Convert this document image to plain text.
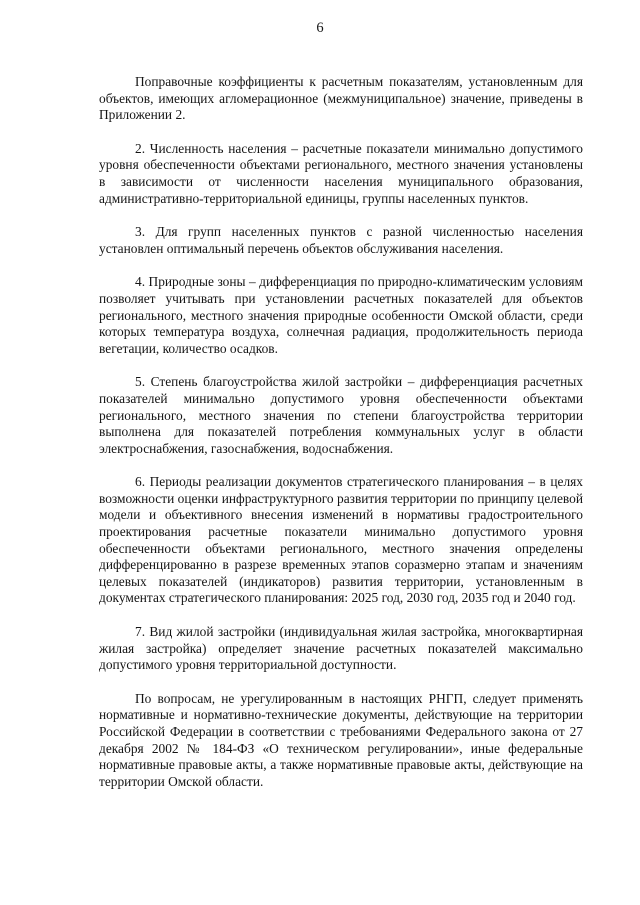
6

Поправочные коэффициенты к расчетным показателям, установленным для объектов, имеющих агломерационное (межмуниципальное) значение, приведены в Приложении 2.

2. Численность населения – расчетные показатели минимально допустимого уровня обеспеченности объектами регионального, местного значения установлены в зависимости от численности населения муниципального образования, административно-территориальной единицы, группы населенных пунктов.

3. Для групп населенных пунктов с разной численностью населения установлен оптимальный перечень объектов обслуживания населения.

4. Природные зоны – дифференциация по природно-климатическим условиям позволяет учитывать при установлении расчетных показателей для объектов регионального, местного значения природные особенности Омской области, среди которых температура воздуха, солнечная радиация, продолжительность периода вегетации, количество осадков.

5. Степень благоустройства жилой застройки – дифференциация расчетных показателей минимально допустимого уровня обеспеченности объектами регионального, местного значения по степени благоустройства территории выполнена для показателей потребления коммунальных услуг в области электроснабжения, газоснабжения, водоснабжения.

6. Периоды реализации документов стратегического планирования – в целях возможности оценки инфраструктурного развития территории по принципу целевой модели и объективного внесения изменений в нормативы градостроительного проектирования расчетные показатели минимально допустимого уровня обеспеченности объектами регионального, местного значения определены дифференцированно в разрезе временных этапов соразмерно этапам и значениям целевых показателей (индикаторов) развития территории, установленным в документах стратегического планирования: 2025 год, 2030 год, 2035 год и 2040 год.

7. Вид жилой застройки (индивидуальная жилая застройка, многоквартирная жилая застройка) определяет значение расчетных показателей максимально допустимого уровня территориальной доступности.

По вопросам, не урегулированным в настоящих РНГП, следует применять нормативные и нормативно-технические документы, действующие на территории Российской Федерации в соответствии с требованиями Федерального закона от 27 декабря 2002 № 184-ФЗ «О техническом регулировании», иные федеральные нормативные правовые акты, а также нормативные правовые акты, действующие на территории Омской области.
